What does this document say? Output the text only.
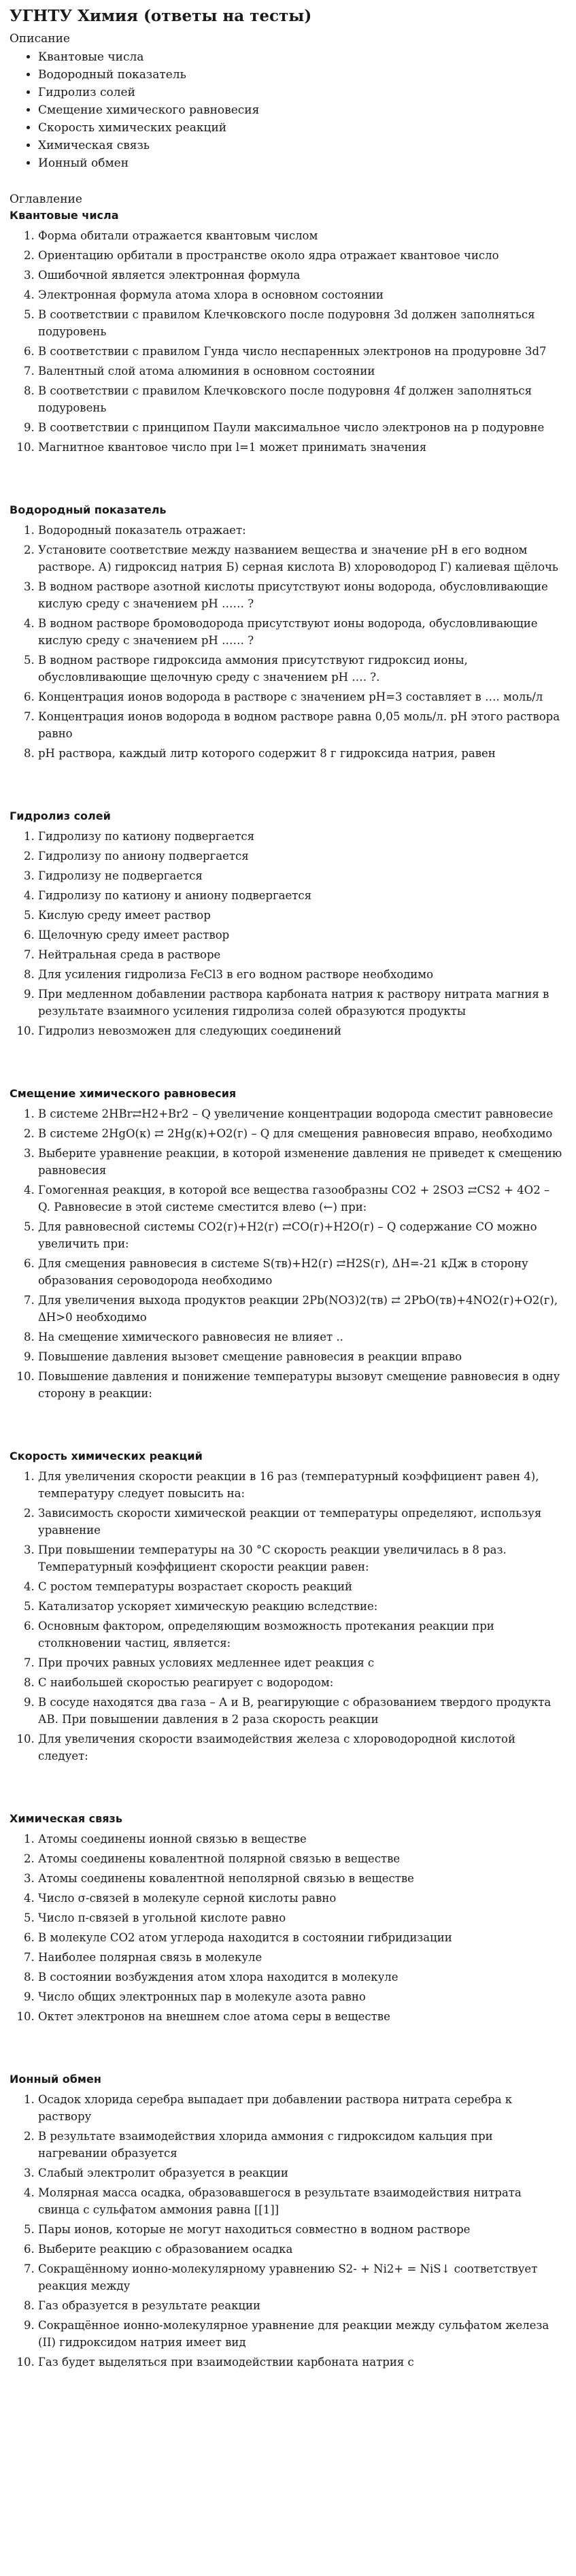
УГНТУ Химия (ответы на тесты)
Описание
• Квантовые числа
• Водородный показатель
• Гидролиз солей
• Смещение химического равновесия
• Скорость химических реакций
• Химическая связь
• Ионный обмен
Оглавление
Квантовые числа
1. Форма обитали отражается квантовым числом
2. Ориентацию орбитали в пространстве около ядра отражает квантовое число
3. Ошибочной является электронная формула
4. Электронная формула атома хлора в основном состоянии
5. В соответствии с правилом Клечковского после подуровня 3d должен заполняться подуровень
6. В соответствии с правилом Гунда число неспаренных электронов на продуровне 3d7
7. Валентный слой атома алюминия в основном состоянии
8. В соответствии с правилом Клечковского после подуровня 4f должен заполняться подуровень
9. В соответствии с принципом Паули максимальное число электронов на р подуровне
10. Магнитное квантовое число при l=1 может принимать значения
Водородный показатель
1. Водородный показатель отражает:
2. Установите соответствие между названием вещества и значение pH в его водном растворе. А) гидроксид натрия Б) серная кислота В) хлороводород Г) калиевая щёлочь
3. В водном растворе азотной кислоты присутствуют ионы водорода, обусловливающие кислую среду с значением pH …… ?
4. В водном растворе бромоводорода присутствуют ионы водорода, обусловливающие кислую среду с значением pH …… ?
5. В водном растворе гидроксида аммония присутствуют гидроксид ионы, обусловливающие щелочную среду с значением pH …. ?.
6. Концентрация ионов водорода в растворе с значением pH=3 составляет в …. моль/л
7. Концентрация ионов водорода в водном растворе равна 0,05 моль/л. pH этого раствора равно
8. рН раствора, каждый литр которого содержит 8 г гидроксида натрия, равен
Гидролиз солей
1. Гидролизу по катиону подвергается
2. Гидролизу по аниону подвергается
3. Гидролизу не подвергается
4. Гидролизу по катиону и аниону подвергается
5. Кислую среду имеет раствор
6. Щелочную среду имеет раствор
7. Нейтральная среда в растворе
8. Для усиления гидролиза FeCl3 в его водном растворе необходимо
9. При медленном добавлении раствора карбоната натрия к раствору нитрата магния в результате взаимного усиления гидролиза солей образуются продукты
10. Гидролиз невозможен для следующих соединений
Смещение химического равновесия
1. В системе 2HBr⇄H2+Br2 – Q увеличение концентрации водорода сместит равновесие
2. В системе 2HgO(к) ⇄ 2Hg(к)+O2(г) – Q для смещения равновесия вправо, необходимо
3. Выберите уравнение реакции, в которой изменение давления не приведет к смещению равновесия
4. Гомогенная реакция, в которой все вещества газообразны CO2 + 2SO3 ⇄CS2 + 4O2 – Q. Равновесие в этой системе сместится влево (←) при:
5. Для равновесной системы CO2(г)+H2(г) ⇄CO(г)+H2O(г) – Q содержание CO можно увеличить при:
6. Для смещения равновесия в системе S(тв)+H2(г) ⇄H2S(г), ΔH=-21 кДж в сторону образования сероводорода необходимо
7. Для увеличения выхода продуктов реакции 2Pb(NO3)2(тв) ⇄ 2PbO(тв)+4NO2(г)+O2(г), ΔH>0 необходимо
8. На смещение химического равновесия не влияет ..
9. Повышение давления вызовет смещение равновесия в реакции вправо
10. Повышение давления и понижение температуры вызовут смещение равновесия в одну сторону в реакции:
Скорость химических реакций
1. Для увеличения скорости реакции в 16 раз (температурный коэффициент равен 4), температуру следует повысить на:
2. Зависимость скорости химической реакции от температуры определяют, используя уравнение
3. При повышении температуры на 30 °С скорость реакции увеличилась в 8 раз. Температурный коэффициент скорости реакции равен:
4. С ростом температуры возрастает скорость реакций
5. Катализатор ускоряет химическую реакцию вследствие:
6. Основным фактором, определяющим возможность протекания реакции при столкновении частиц, является:
7. При прочих равных условиях медленнее идет реакция с
8. С наибольшей скоростью реагирует с водородом:
9. В сосуде находятся два газа – А и В, реагирующие с образованием твердого продукта АВ. При повышении давления в 2 раза скорость реакции
10. Для увеличения скорости взаимодействия железа с хлороводородной кислотой следует:
Химическая связь
1. Атомы соединены ионной связью в веществе
2. Атомы соединены ковалентной полярной связью в веществе
3. Атомы соединены ковалентной неполярной связью в веществе
4. Число σ-связей в молекуле серной кислоты равно
5. Число π-связей в угольной кислоте равно
6. В молекуле CO2 атом углерода находится в состоянии гибридизации
7. Наиболее полярная связь в молекуле
8. В состоянии возбуждения атом хлора находится в молекуле
9. Число общих электронных пар в молекуле азота равно
10. Октет электронов на внешнем слое атома серы в веществе
Ионный обмен
1. Осадок хлорида серебра выпадает при добавлении раствора нитрата серебра к раствору
2. В результате взаимодействия хлорида аммония с гидроксидом кальция при нагревании образуется
3. Слабый электролит образуется в реакции
4. Молярная масса осадка, образовавшегося в результате взаимодействия нитрата свинца с сульфатом аммония равна [[1]]
5. Пары ионов, которые не могут находиться совместно в водном растворе
6. Выберите реакцию с образованием осадка
7. Сокращённому ионно-молекулярному уравнению S2- + Ni2+ = NiS↓ соответствует реакция между
8. Газ образуется в результате реакции
9. Сокращённое ионно-молекулярное уравнение для реакции между сульфатом железа (II) гидроксидом натрия имеет вид
10. Газ будет выделяться при взаимодействии карбоната натрия с
